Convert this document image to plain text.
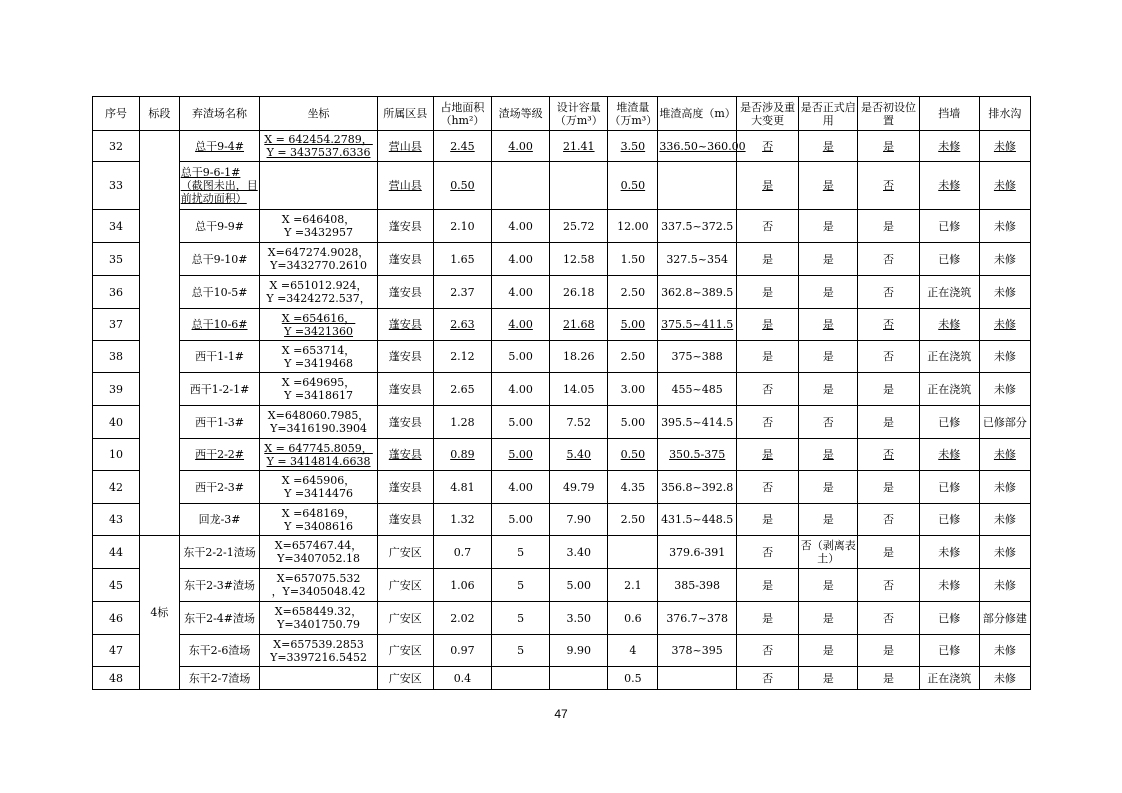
序号	标段	弃渣场名称	坐标	所属区县	占地面积（hm²）	渣场等级	设计容量（万m³）	堆渣量（万m³）	堆渣高度（m）	是否涉及重大变更	是否正式启用	是否初设位置	挡墙	排水沟
32		总干9-4#	X = 642454.2789，
Y = 3437537.6336	营山县	2.45	4.00	21.41	3.50	336.50~360.00	否	是	是	未修	未修
33		总干9-6-1#（截图未出，目前扰动面积）		营山县	0.50			0.50		是	是	否	未修	未修
34		总干9-9#	X =646408，
Y =3432957	蓬安县	2.10	4.00	25.72	12.00	337.5~372.5	否	是	是	已修	未修
35		总干9-10#	X=647274.9028，
Y=3432770.2610	蓬安县	1.65	4.00	12.58	1.50	327.5~354	是	是	否	已修	未修
36		总干10-5#	X =651012.924，
Y =3424272.537，	蓬安县	2.37	4.00	26.18	2.50	362.8~389.5	是	是	否	正在浇筑	未修
37		总干10-6#	X =654616，
Y =3421360	蓬安县	2.63	4.00	21.68	5.00	375.5~411.5	是	是	否	未修	未修
38		西干1-1#	X =653714，
Y =3419468	蓬安县	2.12	5.00	18.26	2.50	375~388	是	是	否	正在浇筑	未修
39		西干1-2-1#	X =649695，
Y =3418617	蓬安县	2.65	4.00	14.05	3.00	455~485	否	是	是	正在浇筑	未修
40		西干1-3#	X=648060.7985，
Y=3416190.3904	蓬安县	1.28	5.00	7.52	5.00	395.5~414.5	否	否	是	已修	已修部分
10		西干2-2#	X = 647745.8059，
Y = 3414814.6638	蓬安县	0.89	5.00	5.40	0.50	350.5-375	是	是	否	未修	未修
42		西干2-3#	X =645906，
Y =3414476	蓬安县	4.81	4.00	49.79	4.35	356.8~392.8	否	是	是	已修	未修
43		回龙-3#	X =648169，
Y =3408616	蓬安县	1.32	5.00	7.90	2.50	431.5~448.5	是	是	否	已修	未修
44	4标	东干2-2-1渣场	X=657467.44，
Y=3407052.18	广安区	0.7	5	3.40		379.6-391	否	否（剥离表土）	是	未修	未修
45		东干2-3#渣场	X=657075.532
，Y=3405048.42	广安区	1.06	5	5.00	2.1	385-398	是	是	否	未修	未修
46		东干2-4#渣场	X=658449.32，
Y=3401750.79	广安区	2.02	5	3.50	0.6	376.7~378	是	是	否	已修	部分修建
47		东干2-6渣场	X=657539.2853
Y=3397216.5452	广安区	0.97	5	9.90	4	378~395	否	是	是	已修	未修
48		东干2-7渣场		广安区	0.4			0.5		否	是	是	正在浇筑	未修
47
